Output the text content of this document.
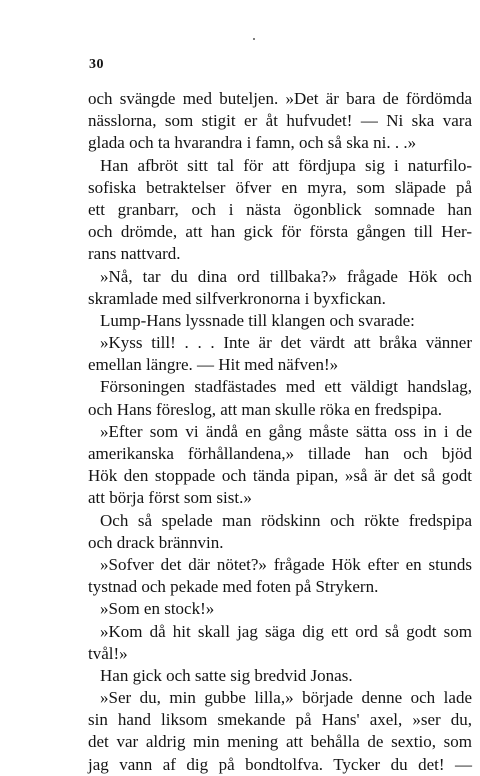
30
och svängde med buteljen. »Det är bara de fördömda
nässlorna, som stigit er åt hufvudet! — Ni ska vara
glada och ta hvarandra i famn, och så ska ni. . .»
Han afbröt sitt tal för att fördjupa sig i naturfilo-
sofiska betraktelser öfver en myra, som släpade på
ett granbarr, och i nästa ögonblick somnade han
och drömde, att han gick för första gången till Her-
rans nattvard.
»Nå, tar du dina ord tillbaka?» frågade Hök och
skramlade med silfverkronorna i byxfickan.
Lump-Hans lyssnade till klangen och svarade:
»Kyss till! . . . Inte är det värdt att bråka vänner
emellan längre. — Hit med näfven!»
Försoningen stadfästades med ett väldigt handslag,
och Hans föreslog, att man skulle röka en fredspipa.
»Efter som vi ändå en gång måste sätta oss in i de
amerikanska förhållandena,» tillade han och bjöd
Hök den stoppade och tända pipan, »så är det så godt
att börja först som sist.»
Och så spelade man rödskinn och rökte fredspipa
och drack brännvin.
»Sofver det där nötet?» frågade Hök efter en stunds
tystnad och pekade med foten på Strykern.
»Som en stock!»
»Kom då hit skall jag säga dig ett ord så godt som
tvål!»
Han gick och satte sig bredvid Jonas.
»Ser du, min gubbe lilla,» började denne och lade
sin hand liksom smekande på Hans' axel, »ser du,
det var aldrig min mening att behålla de sextio, som
jag vann af dig på bondtolfva. Tycker du det! —
